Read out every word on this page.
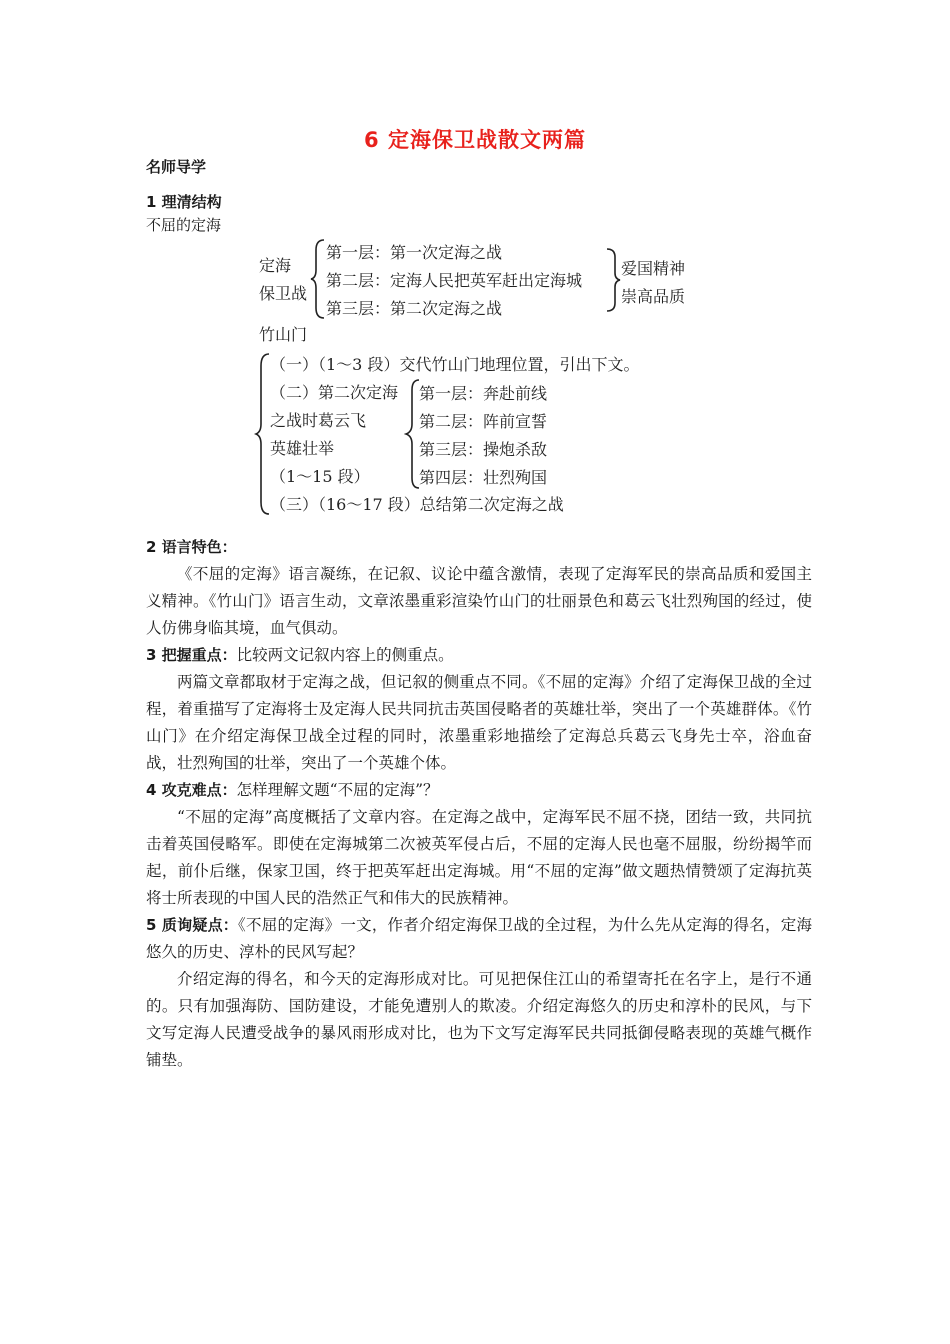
6 定海保卫战散文两篇
名师导学
1 理清结构
不屈的定海
定海
保卫战
第一层：第一次定海之战
第二层：定海人民把英军赶出定海城
第三层：第二次定海之战
爱国精神
崇高品质
竹山门
（一）（1～3 段）交代竹山门地理位置，引出下文。
（二）第二次定海
之战时葛云飞
英雄壮举
（1～15 段）
第一层：奔赴前线
第二层：阵前宣誓
第三层：操炮杀敌
第四层：壮烈殉国
（三）（16～17 段）总结第二次定海之战

2 语言特色：

《不屈的定海》语言凝练，在记叙、议论中蕴含激情，表现了定海军民的崇高品质和爱国主义精神。《竹山门》语言生动，文章浓墨重彩渲染竹山门的壮丽景色和葛云飞壮烈殉国的经过，使人仿佛身临其境，血气俱动。

3 把握重点：比较两文记叙内容上的侧重点。

两篇文章都取材于定海之战，但记叙的侧重点不同。《不屈的定海》介绍了定海保卫战的全过程，着重描写了定海将士及定海人民共同抗击英国侵略者的英雄壮举，突出了一个英雄群体。《竹山门》在介绍定海保卫战全过程的同时，浓墨重彩地描绘了定海总兵葛云飞身先士卒，浴血奋战，壮烈殉国的壮举，突出了一个英雄个体。

4 攻克难点：怎样理解文题“不屈的定海”？

“不屈的定海”高度概括了文章内容。在定海之战中，定海军民不屈不挠，团结一致，共同抗击着英国侵略军。即使在定海城第二次被英军侵占后，不屈的定海人民也毫不屈服，纷纷揭竿而起，前仆后继，保家卫国，终于把英军赶出定海城。用“不屈的定海”做文题热情赞颂了定海抗英将士所表现的中国人民的浩然正气和伟大的民族精神。

5 质询疑点：《不屈的定海》一文，作者介绍定海保卫战的全过程，为什么先从定海的得名，定海悠久的历史、淳朴的民风写起？

介绍定海的得名，和今天的定海形成对比。可见把保住江山的希望寄托在名字上，是行不通的。只有加强海防、国防建设，才能免遭别人的欺凌。介绍定海悠久的历史和淳朴的民风，与下文写定海人民遭受战争的暴风雨形成对比，也为下文写定海军民共同抵御侵略表现的英雄气概作铺垫。
